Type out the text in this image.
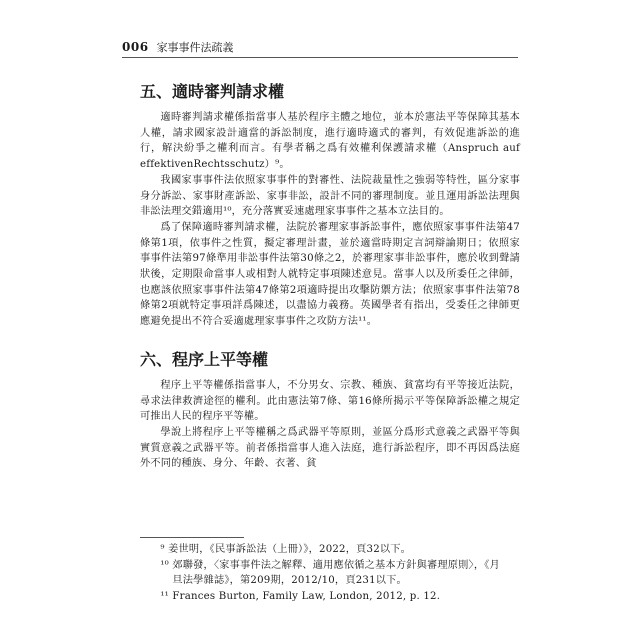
006 家事事件法疏義
五、適時審判請求權

適時審判請求權係指當事人基於程序主體之地位，並本於憲法平等保障其基本人權，請求國家設計適當的訴訟制度，進行適時適式的審判，有效促進訴訟的進行，解決紛爭之權利而言。有學者稱之爲有效權利保護請求權（Anspruch auf effektivenRechtsschutz）⁹。

我國家事事件法依照家事事件的對審性、法院裁量性之強弱等特性，區分家事身分訴訟、家事財產訴訟、家事非訟，設計不同的審理制度。並且運用訴訟法理與非訟法理交錯適用¹⁰，充分落實妥速處理家事事件之基本立法目的。

爲了保障適時審判請求權，法院於審理家事訴訟事件，應依照家事事件法第47條第1項，依事件之性質，擬定審理計畫，並於適當時期定言詞辯論期日；依照家事事件法第97條準用非訟事件法第30條之2，於審理家事非訟事件，應於收到聲請狀後，定期限命當事人或相對人就特定事項陳述意見。當事人以及所委任之律師，也應該依照家事事件法第47條第2項適時提出攻擊防禦方法；依照家事事件法第78條第2項就特定事項詳爲陳述，以盡協力義務。英國學者有指出，受委任之律師更應避免提出不符合妥適處理家事事件之攻防方法¹¹。

六、程序上平等權

程序上平等權係指當事人，不分男女、宗教、種族、貧富均有平等接近法院，尋求法律救濟途徑的權利。此由憲法第7條、第16條所揭示平等保障訴訟權之規定可推出人民的程序平等權。

學說上將程序上平等權稱之爲武器平等原則，並區分爲形式意義之武器平等與實質意義之武器平等。前者係指當事人進入法庭，進行訴訟程序，即不再因爲法庭外不同的種族、身分、年齡、衣著、貧

⁹ 姜世明，《民事訴訟法（上冊）》，2022，頁32以下。

¹⁰ 郊聯發，〈家事事件法之解釋、適用應依循之基本方針與審理原則〉，《月

旦法學雜誌》，第209期，2012/10，頁231以下。

¹¹ Frances Burton, Family Law, London, 2012, p. 12.
